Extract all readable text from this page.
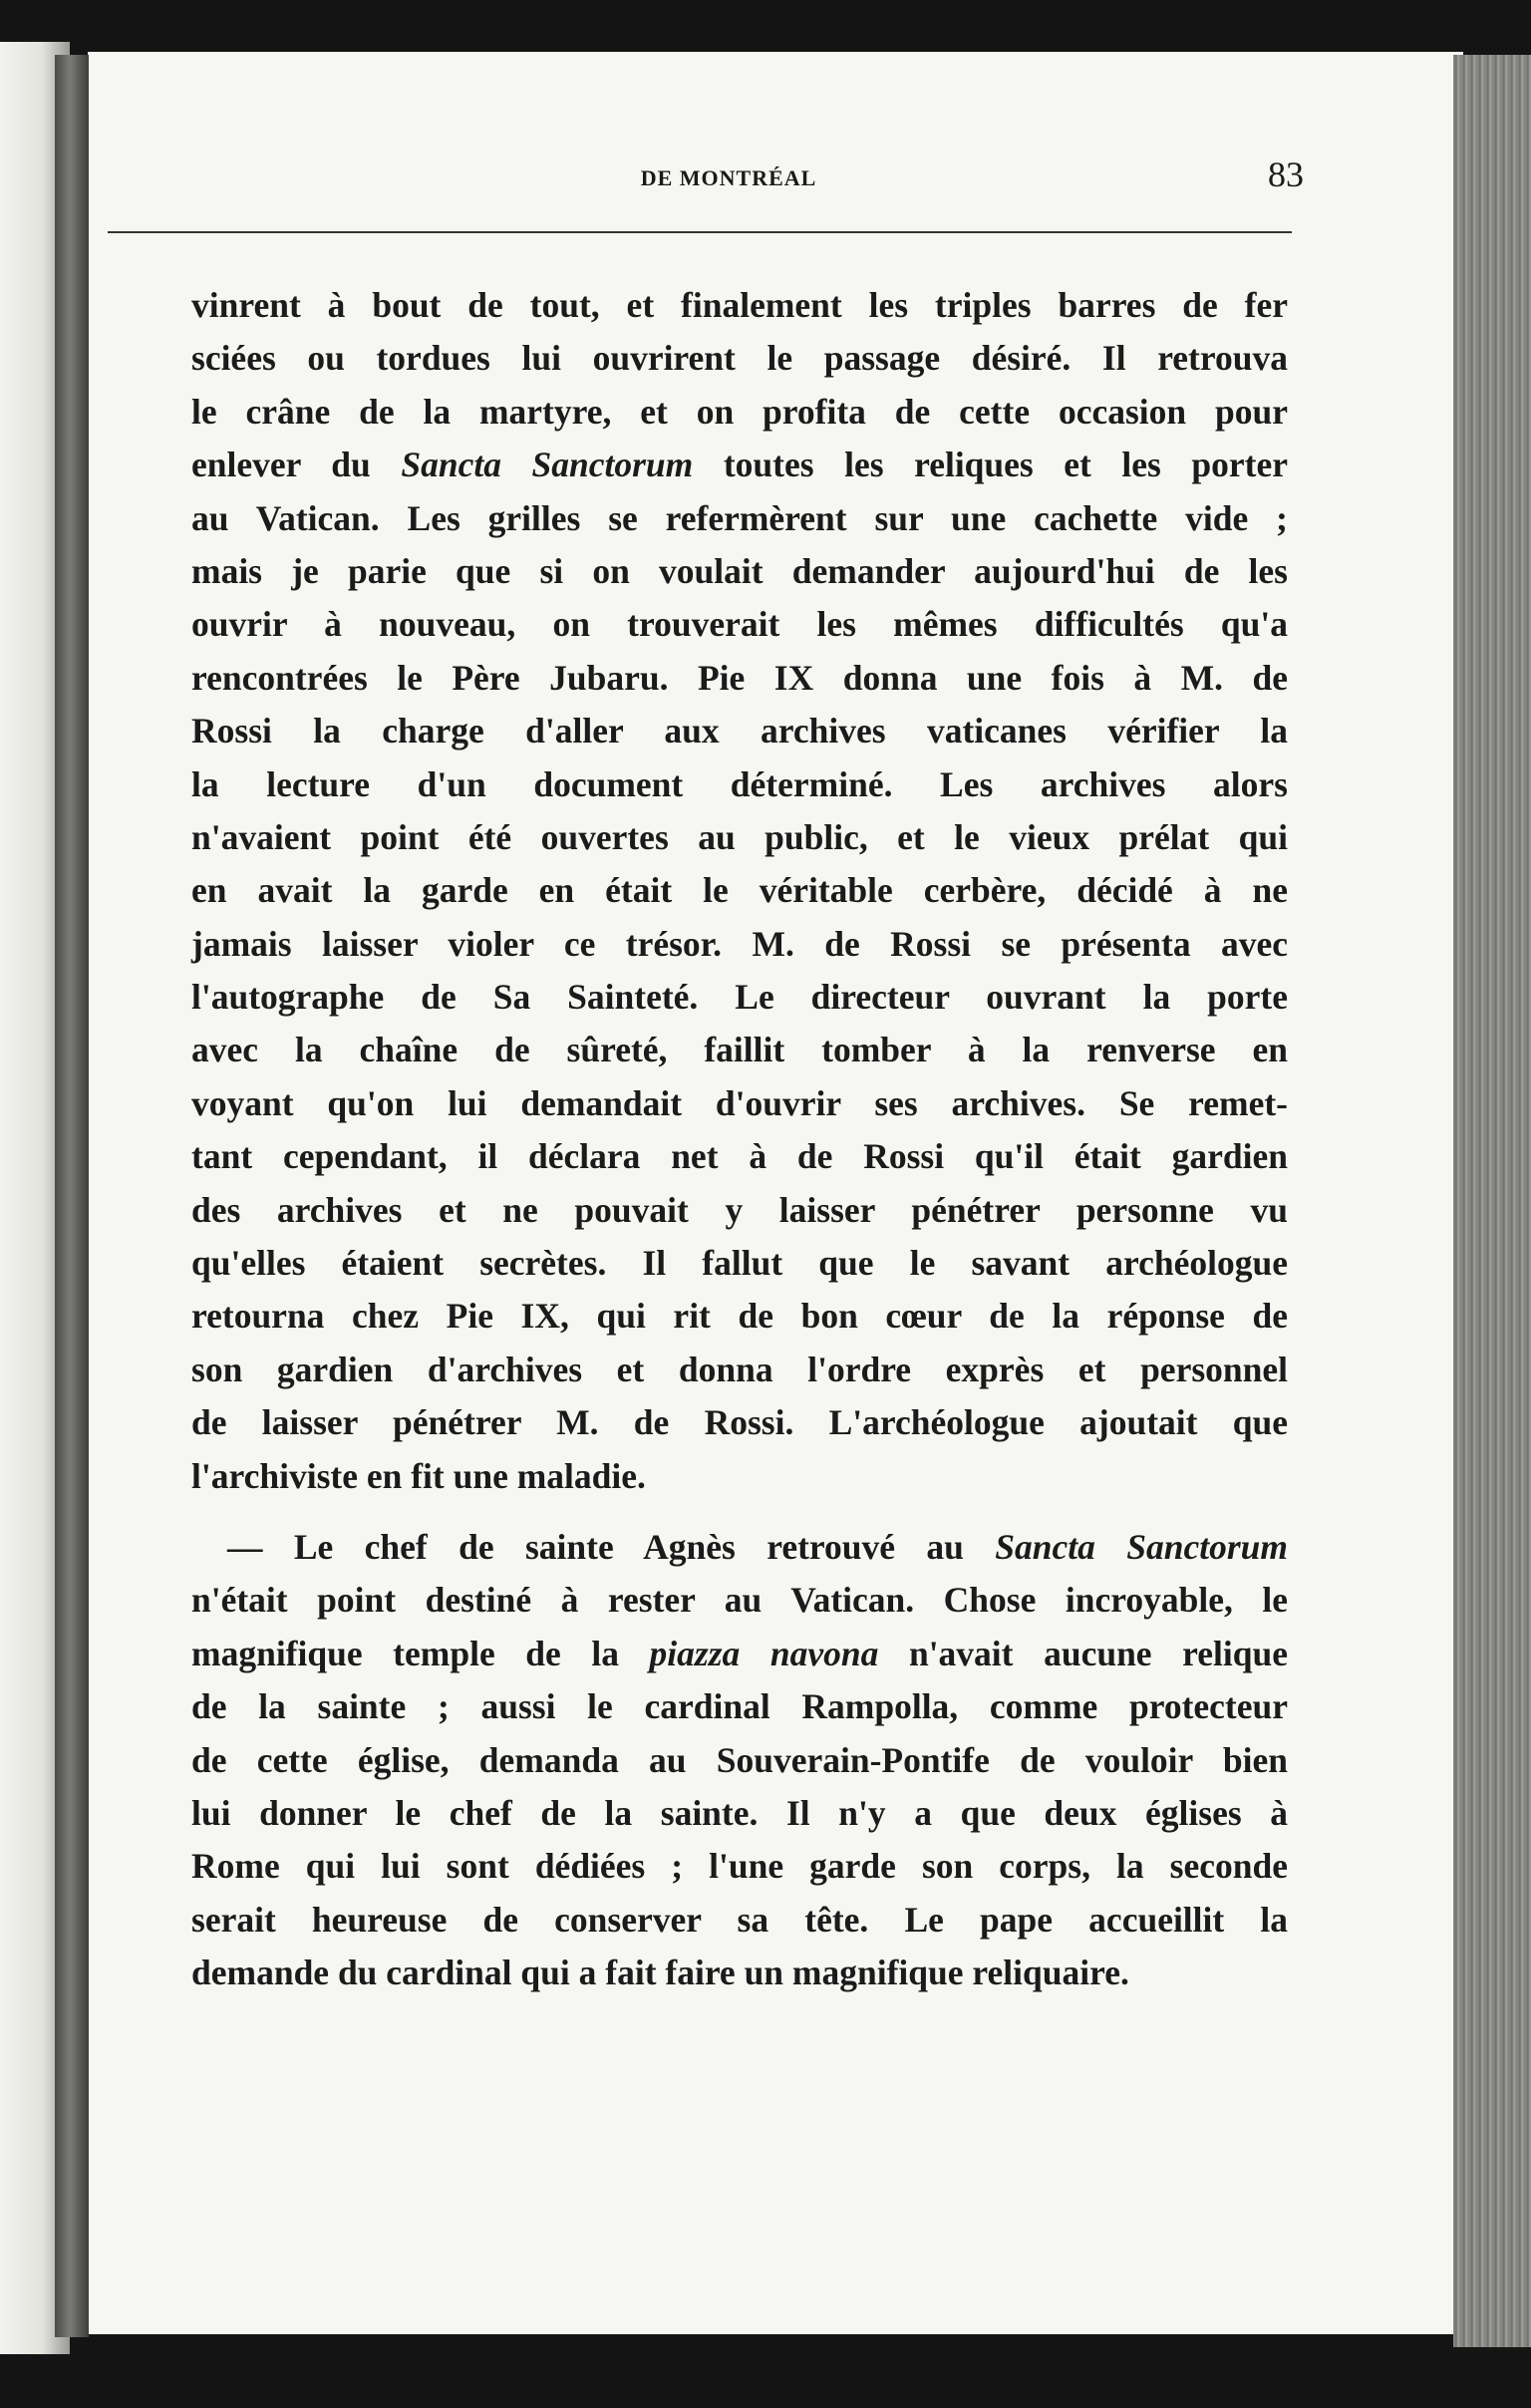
DE MONTRÉAL	83
vinrent à bout de tout, et finalement les triples barres de fer
sciées ou tordues lui ouvrirent le passage désiré. Il retrouva
le crâne de la martyre, et on profita de cette occasion pour
enlever du Sancta Sanctorum toutes les reliques et les porter
au Vatican. Les grilles se refermèrent sur une cachette vide ;
mais je parie que si on voulait demander aujourd'hui de les
ouvrir à nouveau, on trouverait les mêmes difficultés qu'a
rencontrées le Père Jubaru. Pie IX donna une fois à M. de
Rossi la charge d'aller aux archives vaticanes vérifier la
la lecture d'un document déterminé. Les archives alors
n'avaient point été ouvertes au public, et le vieux prélat qui
en avait la garde en était le véritable cerbère, décidé à ne
jamais laisser violer ce trésor. M. de Rossi se présenta avec
l'autographe de Sa Sainteté. Le directeur ouvrant la porte
avec la chaîne de sûreté, faillit tomber à la renverse en
voyant qu'on lui demandait d'ouvrir ses archives. Se remet-
tant cependant, il déclara net à de Rossi qu'il était gardien
des archives et ne pouvait y laisser pénétrer personne vu
qu'elles étaient secrètes. Il fallut que le savant archéologue
retourna chez Pie IX, qui rit de bon cœur de la réponse de
son gardien d'archives et donna l'ordre exprès et personnel
de laisser pénétrer M. de Rossi. L'archéologue ajoutait que
l'archiviste en fit une maladie.
— Le chef de sainte Agnès retrouvé au Sancta Sanctorum
n'était point destiné à rester au Vatican. Chose incroyable, le
magnifique temple de la piazza navona n'avait aucune relique
de la sainte ; aussi le cardinal Rampolla, comme protecteur
de cette église, demanda au Souverain-Pontife de vouloir bien
lui donner le chef de la sainte. Il n'y a que deux églises à
Rome qui lui sont dédiées ; l'une garde son corps, la seconde
serait heureuse de conserver sa tête. Le pape accueillit la
demande du cardinal qui a fait faire un magnifique reliquaire.
